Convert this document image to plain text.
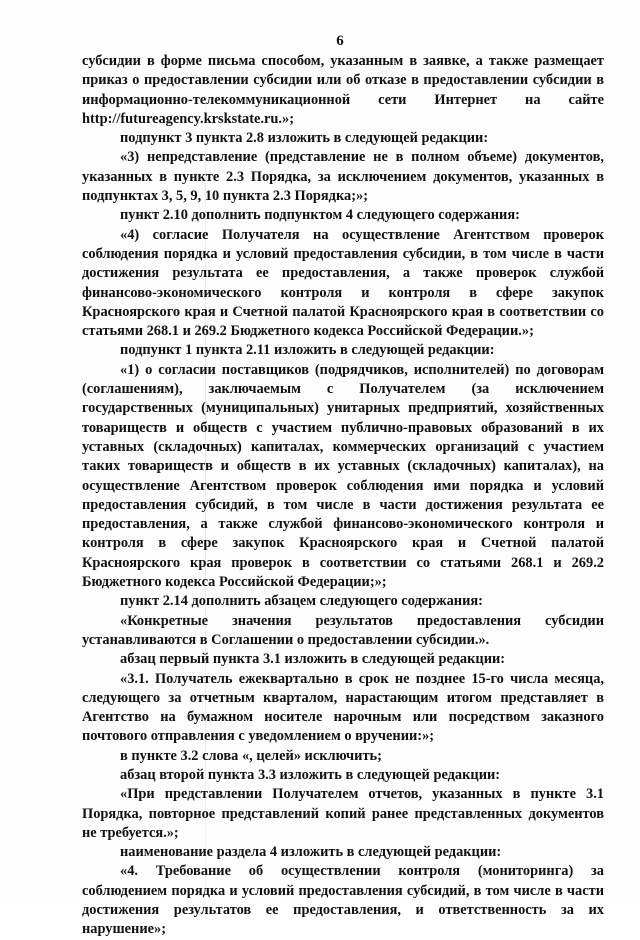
6

субсидии в форме письма способом, указанным в заявке, а также размещает приказ о предоставлении субсидии или об отказе в предоставлении субсидии в информационно-телекоммуникационной сети Интернет на сайте http://futureagency.krskstate.ru.»;

подпункт 3 пункта 2.8 изложить в следующей редакции:

«3) непредставление (представление не в полном объеме) документов, указанных в пункте 2.3 Порядка, за исключением документов, указанных в подпунктах 3, 5, 9, 10 пункта 2.3 Порядка;»;

пункт 2.10 дополнить подпунктом 4 следующего содержания:

«4) согласие Получателя на осуществление Агентством проверок соблюдения порядка и условий предоставления субсидии, в том числе в части достижения результата ее предоставления, а также проверок службой финансово-экономического контроля и контроля в сфере закупок Красноярского края и Счетной палатой Красноярского края в соответствии со статьями 268.1 и 269.2 Бюджетного кодекса Российской Федерации.»;

подпункт 1 пункта 2.11 изложить в следующей редакции:

«1) о согласии поставщиков (подрядчиков, исполнителей) по договорам (соглашениям), заключаемым с Получателем (за исключением государственных (муниципальных) унитарных предприятий, хозяйственных товариществ и обществ с участием публично-правовых образований в их уставных (складочных) капиталах, коммерческих организаций с участием таких товариществ и обществ в их уставных (складочных) капиталах), на осуществление Агентством проверок соблюдения ими порядка и условий предоставления субсидий, в том числе в части достижения результата ее предоставления, а также службой финансово-экономического контроля и контроля в сфере закупок Красноярского края и Счетной палатой Красноярского края проверок в соответствии со статьями 268.1 и 269.2 Бюджетного кодекса Российской Федерации;»;

пункт 2.14 дополнить абзацем следующего содержания:

«Конкретные значения результатов предоставления субсидии устанавливаются в Соглашении о предоставлении субсидии.».

абзац первый пункта 3.1 изложить в следующей редакции:

«3.1. Получатель ежеквартально в срок не позднее 15-го числа месяца, следующего за отчетным кварталом, нарастающим итогом представляет в Агентство на бумажном носителе нарочным или посредством заказного почтового отправления с уведомлением о вручении:»;

в пункте 3.2 слова «, целей» исключить;

абзац второй пункта 3.3 изложить в следующей редакции:

«При представлении Получателем отчетов, указанных в пункте 3.1 Порядка, повторное представлений копий ранее представленных документов не требуется.»;

наименование раздела 4 изложить в следующей редакции:

«4. Требование об осуществлении контроля (мониторинга) за соблюдением порядка и условий предоставления субсидий, в том числе в части достижения результатов ее предоставления, и ответственность за их нарушение»;
